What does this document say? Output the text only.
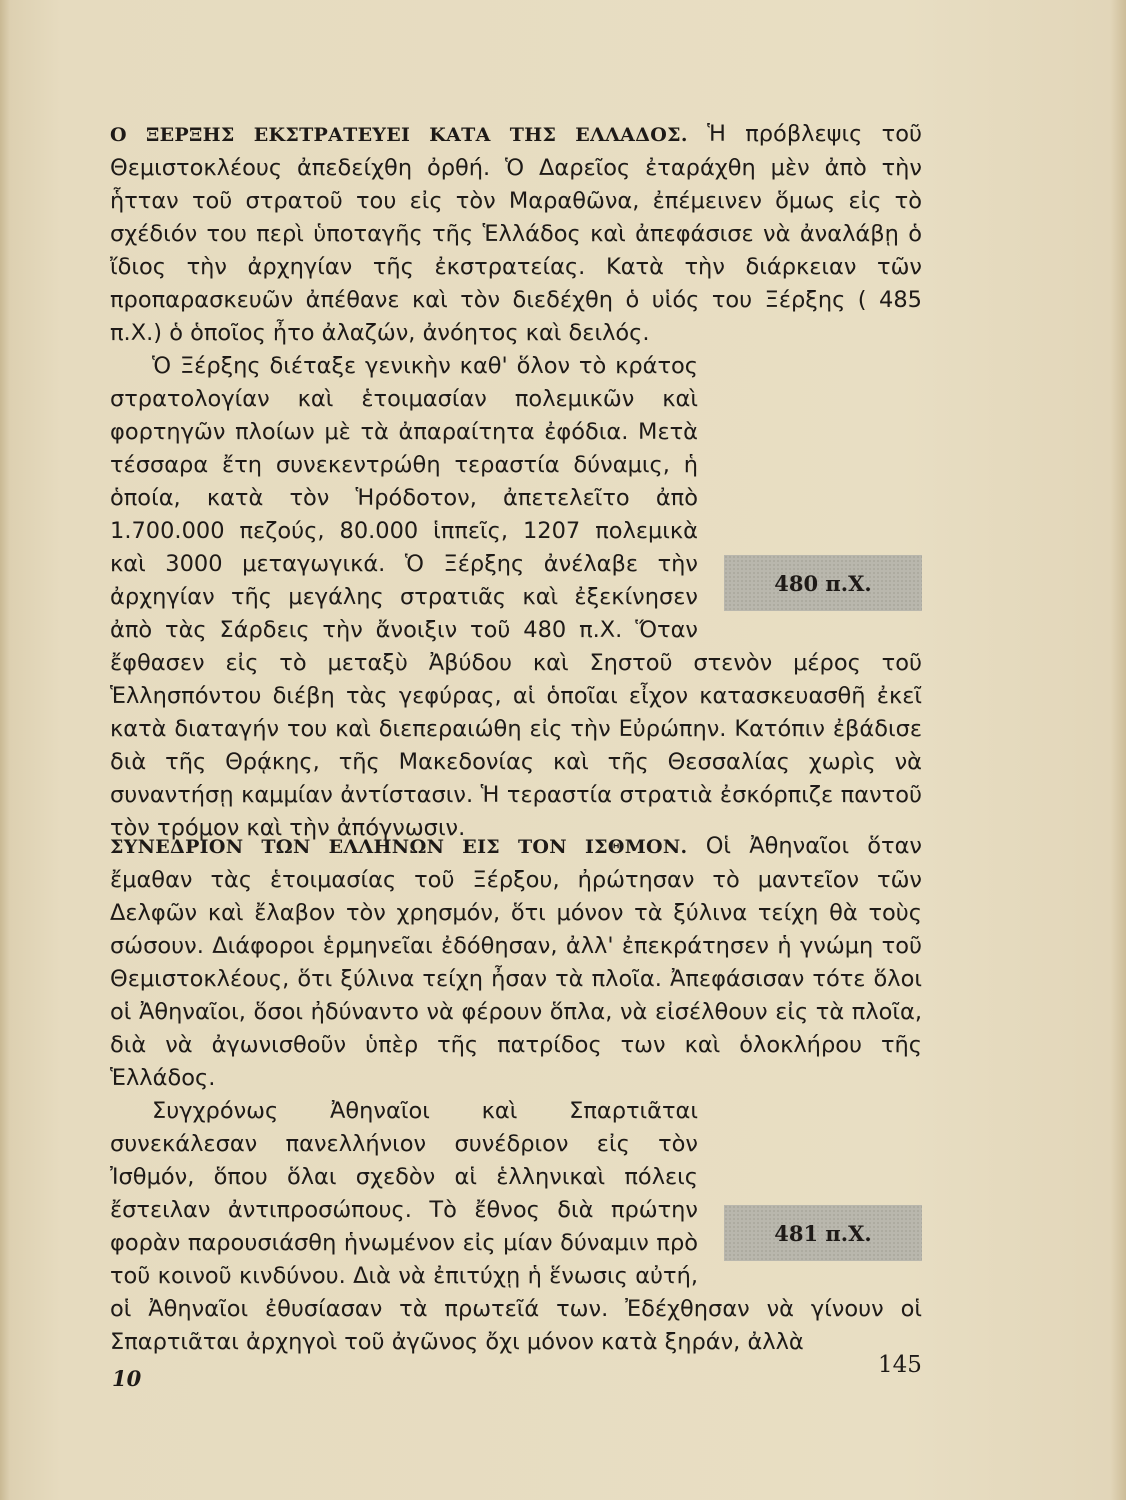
Ο ΞΕΡΞΗΣ ΕΚΣΤΡΑΤΕΥΕΙ ΚΑΤΑ ΤΗΣ ΕΛΛΑΔΟΣ. Ἡ πρόβλεψις τοῦ Θεμιστοκλέους ἀπεδείχθη ὀρθή. Ὁ Δαρεῖος ἐταράχθη μὲν ἀπὸ τὴν ἧτταν τοῦ στρατοῦ του εἰς τὸν Μαραθῶνα, ἐπέμεινεν ὅμως εἰς τὸ σχέδιόν του περὶ ὑποταγῆς τῆς Ἑλλάδος καὶ ἀπεφάσισε νὰ ἀναλάβῃ ὁ ἴδιος τὴν ἀρχηγίαν τῆς ἐκστρατείας. Κατὰ τὴν διάρκειαν τῶν προπαρασκευῶν ἀπέθανε καὶ τὸν διεδέχθη ὁ υἱός του Ξέρξης ( 485 π.Χ.) ὁ ὁποῖος ἦτο ἀλαζών, ἀνόητος καὶ δειλός.

480 π.Χ.

Ὁ Ξέρξης διέταξε γενικὴν καθ' ὅλον τὸ κράτος στρατολογίαν καὶ ἑτοιμασίαν πολεμικῶν καὶ φορτηγῶν πλοίων μὲ τὰ ἀπαραίτητα ἐφόδια. Μετὰ τέσσαρα ἔτη συνεκεντρώθη τεραστία δύναμις, ἡ ὁποία, κατὰ τὸν Ἡρόδοτον, ἀπετελεῖτο ἀπὸ 1.700.000 πεζούς, 80.000 ἱππεῖς, 1207 πολεμικὰ καὶ 3000 μεταγωγικά. Ὁ Ξέρξης ἀνέλαβε τὴν ἀρχηγίαν τῆς μεγάλης στρατιᾶς καὶ ἐξεκίνησεν ἀπὸ τὰς Σάρδεις τὴν ἄνοιξιν τοῦ 480 π.Χ. Ὅταν ἔφθασεν εἰς τὸ μεταξὺ Ἀβύδου καὶ Σηστοῦ στενὸν μέρος τοῦ Ἑλλησπόντου διέβη τὰς γεφύρας, αἱ ὁποῖαι εἶχον κατασκευασθῆ ἐκεῖ κατὰ διαταγήν του καὶ διεπεραιώθη εἰς τὴν Εὐρώπην. Κατόπιν ἐβάδισε διὰ τῆς Θρᾴκης, τῆς Μακεδονίας καὶ τῆς Θεσσαλίας χωρὶς νὰ συναντήσῃ καμμίαν ἀντίστασιν. Ἡ τεραστία στρατιὰ ἐσκόρπιζε παντοῦ τὸν τρόμον καὶ τὴν ἀπόγνωσιν.

ΣΥΝΕΔΡΙΟΝ ΤΩΝ ΕΛΛΗΝΩΝ ΕΙΣ ΤΟΝ ΙΣΘΜΟΝ. Οἱ Ἀθηναῖοι ὅταν ἔμαθαν τὰς ἑτοιμασίας τοῦ Ξέρξου, ἠρώτησαν τὸ μαντεῖον τῶν Δελφῶν καὶ ἔλαβον τὸν χρησμόν, ὅτι μόνον τὰ ξύλινα τείχη θὰ τοὺς σώσουν. Διάφοροι ἑρμηνεῖαι ἐδόθησαν, ἀλλ' ἐπεκράτησεν ἡ γνώμη τοῦ Θεμιστοκλέους, ὅτι ξύλινα τείχη ἦσαν τὰ πλοῖα. Ἀπεφάσισαν τότε ὅλοι οἱ Ἀθηναῖοι, ὅσοι ἠδύναντο νὰ φέρουν ὅπλα, νὰ εἰσέλθουν εἰς τὰ πλοῖα, διὰ νὰ ἀγωνισθοῦν ὑπὲρ τῆς πατρίδος των καὶ ὁλοκλήρου τῆς Ἑλλάδος.

481 π.Χ.

Συγχρόνως Ἀθηναῖοι καὶ Σπαρτιᾶται συνεκάλεσαν πανελλήνιον συνέδριον εἰς τὸν Ἰσθμόν, ὅπου ὅλαι σχεδὸν αἱ ἑλληνικαὶ πόλεις ἔστειλαν ἀντιπροσώπους. Τὸ ἔθνος διὰ πρώτην φορὰν παρουσιάσθη ἡνωμένον εἰς μίαν δύναμιν πρὸ τοῦ κοινοῦ κινδύνου. Διὰ νὰ ἐπιτύχῃ ἡ ἕνωσις αὐτή, οἱ Ἀθηναῖοι ἐθυσίασαν τὰ πρωτεῖά των. Ἐδέχθησαν νὰ γίνουν οἱ Σπαρτιᾶται ἀρχηγοὶ τοῦ ἀγῶνος ὄχι μόνον κατὰ ξηράν, ἀλλὰ

10
145
